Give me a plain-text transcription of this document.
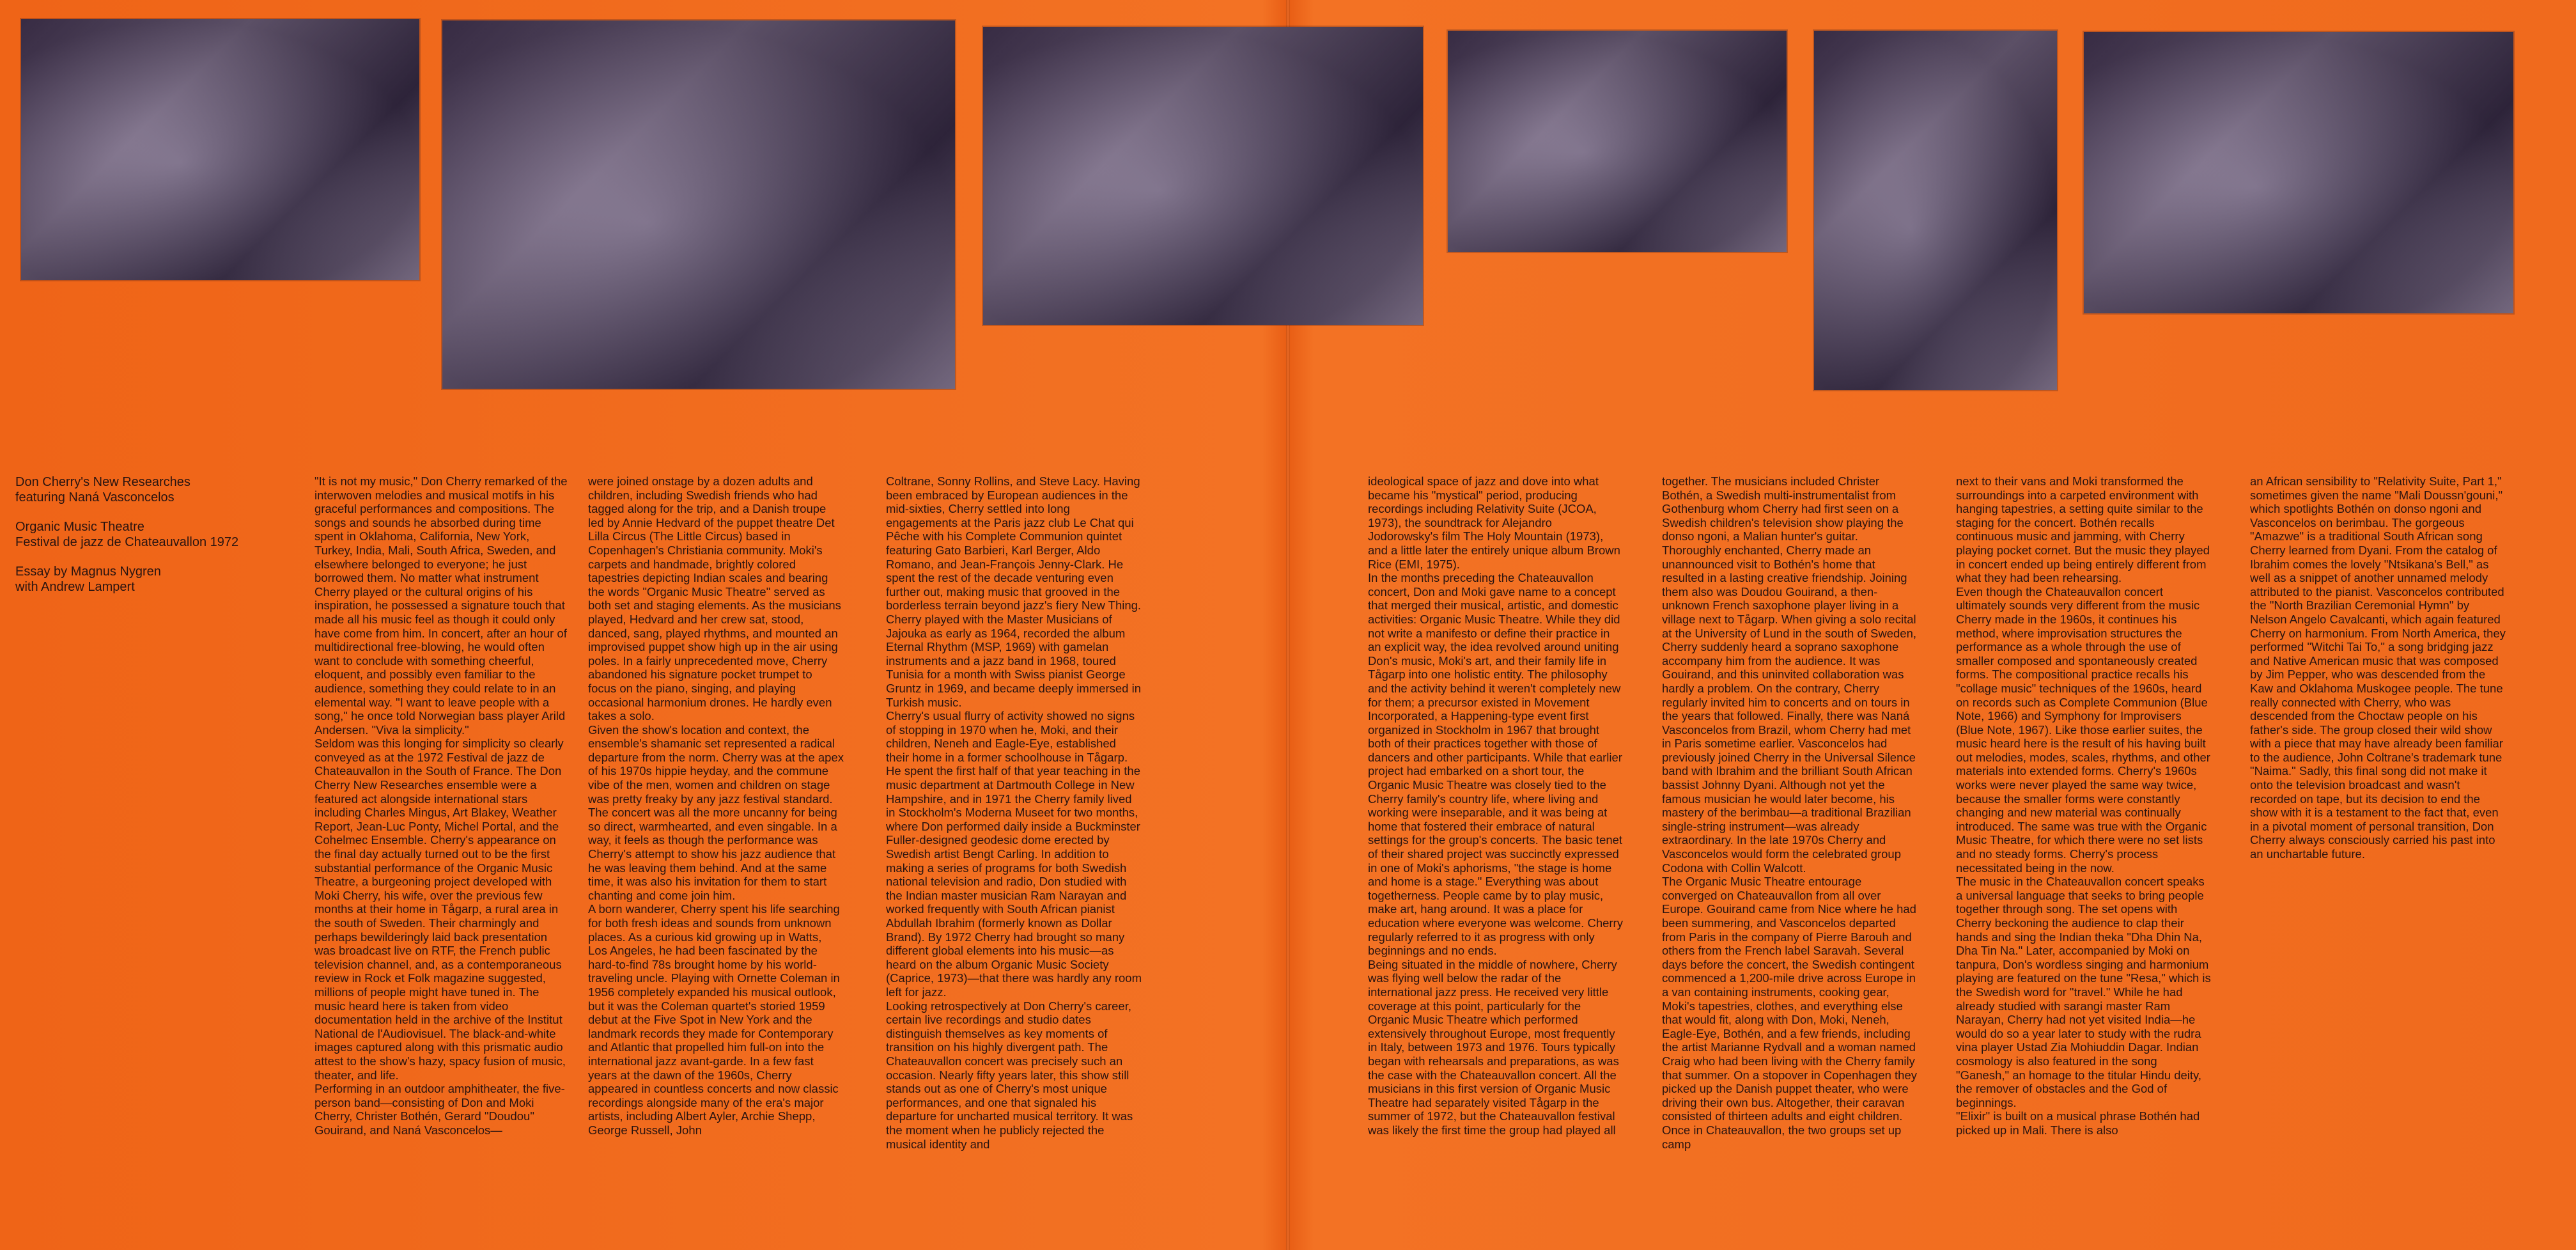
Don Cherry's New Researches
featuring Naná Vasconcelos

Organic Music Theatre
Festival de jazz de Chateauvallon 1972

Essay by Magnus Nygren
with Andrew Lampert

"It is not my music," Don Cherry remarked of the interwoven melodies and musical motifs in his graceful performances and compositions. The songs and sounds he absorbed during time spent in Oklahoma, California, New York, Turkey, India, Mali, South Africa, Sweden, and elsewhere belonged to everyone; he just borrowed them. No matter what instrument Cherry played or the cultural origins of his inspiration, he possessed a signature touch that made all his music feel as though it could only have come from him. In concert, after an hour of multidirectional free-blowing, he would often want to conclude with something cheerful, eloquent, and possibly even familiar to the audience, something they could relate to in an elemental way. "I want to leave people with a song," he once told Norwegian bass player Arild Andersen. "Viva la simplicity."
Seldom was this longing for simplicity so clearly conveyed as at the 1972 Festival de jazz de Chateauvallon in the South of France. The Don Cherry New Researches ensemble were a featured act alongside international stars including Charles Mingus, Art Blakey, Weather Report, Jean-Luc Ponty, Michel Portal, and the Cohelmec Ensemble. Cherry's appearance on the final day actually turned out to be the first substantial performance of the Organic Music Theatre, a burgeoning project developed with Moki Cherry, his wife, over the previous few months at their home in Tågarp, a rural area in the south of Sweden. Their charmingly and perhaps bewilderingly laid back presentation was broadcast live on RTF, the French public television channel, and, as a contemporaneous review in Rock et Folk magazine suggested, millions of people might have tuned in. The music heard here is taken from video documentation held in the archive of the Institut National de l'Audiovisuel. The black-and-white images captured along with this prismatic audio attest to the show's hazy, spacy fusion of music, theater, and life.
Performing in an outdoor amphitheater, the five-person band—consisting of Don and Moki Cherry, Christer Bothén, Gerard "Doudou" Gouirand, and Naná Vasconcelos—

were joined onstage by a dozen adults and children, including Swedish friends who had tagged along for the trip, and a Danish troupe led by Annie Hedvard of the puppet theatre Det Lilla Circus (The Little Circus) based in Copenhagen's Christiania community. Moki's carpets and handmade, brightly colored tapestries depicting Indian scales and bearing the words "Organic Music Theatre" served as both set and staging elements. As the musicians played, Hedvard and her crew sat, stood, danced, sang, played rhythms, and mounted an improvised puppet show high up in the air using poles. In a fairly unprecedented move, Cherry abandoned his signature pocket trumpet to focus on the piano, singing, and playing occasional harmonium drones. He hardly even takes a solo.
Given the show's location and context, the ensemble's shamanic set represented a radical departure from the norm. Cherry was at the apex of his 1970s hippie heyday, and the commune vibe of the men, women and children on stage was pretty freaky by any jazz festival standard. The concert was all the more uncanny for being so direct, warmhearted, and even singable. In a way, it feels as though the performance was Cherry's attempt to show his jazz audience that he was leaving them behind. And at the same time, it was also his invitation for them to start chanting and come join him.
A born wanderer, Cherry spent his life searching for both fresh ideas and sounds from unknown places. As a curious kid growing up in Watts, Los Angeles, he had been fascinated by the hard-to-find 78s brought home by his world-traveling uncle. Playing with Ornette Coleman in 1956 completely expanded his musical outlook, but it was the Coleman quartet's storied 1959 debut at the Five Spot in New York and the landmark records they made for Contemporary and Atlantic that propelled him full-on into the international jazz avant-garde. In a few fast years at the dawn of the 1960s, Cherry appeared in countless concerts and now classic recordings alongside many of the era's major artists, including Albert Ayler, Archie Shepp, George Russell, John

Coltrane, Sonny Rollins, and Steve Lacy. Having been embraced by European audiences in the mid-sixties, Cherry settled into long engagements at the Paris jazz club Le Chat qui Pêche with his Complete Communion quintet featuring Gato Barbieri, Karl Berger, Aldo Romano, and Jean-François Jenny-Clark. He spent the rest of the decade venturing even further out, making music that grooved in the borderless terrain beyond jazz's fiery New Thing. Cherry played with the Master Musicians of Jajouka as early as 1964, recorded the album Eternal Rhythm (MSP, 1969) with gamelan instruments and a jazz band in 1968, toured Tunisia for a month with Swiss pianist George Gruntz in 1969, and became deeply immersed in Turkish music.
Cherry's usual flurry of activity showed no signs of stopping in 1970 when he, Moki, and their children, Neneh and Eagle-Eye, established their home in a former schoolhouse in Tågarp. He spent the first half of that year teaching in the music department at Dartmouth College in New Hampshire, and in 1971 the Cherry family lived in Stockholm's Moderna Museet for two months, where Don performed daily inside a Buckminster Fuller-designed geodesic dome erected by Swedish artist Bengt Carling. In addition to making a series of programs for both Swedish national television and radio, Don studied with the Indian master musician Ram Narayan and worked frequently with South African pianist Abdullah Ibrahim (formerly known as Dollar Brand). By 1972 Cherry had brought so many different global elements into his music—as heard on the album Organic Music Society (Caprice, 1973)—that there was hardly any room left for jazz.
Looking retrospectively at Don Cherry's career, certain live recordings and studio dates distinguish themselves as key moments of transition on his highly divergent path. The Chateauvallon concert was precisely such an occasion. Nearly fifty years later, this show still stands out as one of Cherry's most unique performances, and one that signaled his departure for uncharted musical territory. It was the moment when he publicly rejected the musical identity and

ideological space of jazz and dove into what became his "mystical" period, producing recordings including Relativity Suite (JCOA, 1973), the soundtrack for Alejandro Jodorowsky's film The Holy Mountain (1973), and a little later the entirely unique album Brown Rice (EMI, 1975).
In the months preceding the Chateauvallon concert, Don and Moki gave name to a concept that merged their musical, artistic, and domestic activities: Organic Music Theatre. While they did not write a manifesto or define their practice in an explicit way, the idea revolved around uniting Don's music, Moki's art, and their family life in Tågarp into one holistic entity. The philosophy and the activity behind it weren't completely new for them; a precursor existed in Movement Incorporated, a Happening-type event first organized in Stockholm in 1967 that brought both of their practices together with those of dancers and other participants. While that earlier project had embarked on a short tour, the Organic Music Theatre was closely tied to the Cherry family's country life, where living and working were inseparable, and it was being at home that fostered their embrace of natural settings for the group's concerts. The basic tenet of their shared project was succinctly expressed in one of Moki's aphorisms, "the stage is home and home is a stage." Everything was about togetherness. People came by to play music, make art, hang around. It was a place for education where everyone was welcome. Cherry regularly referred to it as progress with only beginnings and no ends.
Being situated in the middle of nowhere, Cherry was flying well below the radar of the international jazz press. He received very little coverage at this point, particularly for the Organic Music Theatre which performed extensively throughout Europe, most frequently in Italy, between 1973 and 1976. Tours typically began with rehearsals and preparations, as was the case with the Chateauvallon concert. All the musicians in this first version of Organic Music Theatre had separately visited Tågarp in the summer of 1972, but the Chateauvallon festival was likely the first time the group had played all

together. The musicians included Christer Bothén, a Swedish multi-instrumentalist from Gothenburg whom Cherry had first seen on a Swedish children's television show playing the donso ngoni, a Malian hunter's guitar. Thoroughly enchanted, Cherry made an unannounced visit to Bothén's home that resulted in a lasting creative friendship. Joining them also was Doudou Gouirand, a then-unknown French saxophone player living in a village next to Tågarp. When giving a solo recital at the University of Lund in the south of Sweden, Cherry suddenly heard a soprano saxophone accompany him from the audience. It was Gouirand, and this uninvited collaboration was hardly a problem. On the contrary, Cherry regularly invited him to concerts and on tours in the years that followed. Finally, there was Naná Vasconcelos from Brazil, whom Cherry had met in Paris sometime earlier. Vasconcelos had previously joined Cherry in the Universal Silence band with Ibrahim and the brilliant South African bassist Johnny Dyani. Although not yet the famous musician he would later become, his mastery of the berimbau—a traditional Brazilian single-string instrument—was already extraordinary. In the late 1970s Cherry and Vasconcelos would form the celebrated group Codona with Collin Walcott.
The Organic Music Theatre entourage converged on Chateauvallon from all over Europe. Gouirand came from Nice where he had been summering, and Vasconcelos departed from Paris in the company of Pierre Barouh and others from the French label Saravah. Several days before the concert, the Swedish contingent commenced a 1,200-mile drive across Europe in a van containing instruments, cooking gear, Moki's tapestries, clothes, and everything else that would fit, along with Don, Moki, Neneh, Eagle-Eye, Bothén, and a few friends, including the artist Marianne Rydvall and a woman named Craig who had been living with the Cherry family that summer. On a stopover in Copenhagen they picked up the Danish puppet theater, who were driving their own bus. Altogether, their caravan consisted of thirteen adults and eight children. Once in Chateauvallon, the two groups set up camp

next to their vans and Moki transformed the surroundings into a carpeted environment with hanging tapestries, a setting quite similar to the staging for the concert. Bothén recalls continuous music and jamming, with Cherry playing pocket cornet. But the music they played in concert ended up being entirely different from what they had been rehearsing.
Even though the Chateauvallon concert ultimately sounds very different from the music Cherry made in the 1960s, it continues his method, where improvisation structures the performance as a whole through the use of smaller composed and spontaneously created forms. The compositional practice recalls his "collage music" techniques of the 1960s, heard on records such as Complete Communion (Blue Note, 1966) and Symphony for Improvisers (Blue Note, 1967). Like those earlier suites, the music heard here is the result of his having built out melodies, modes, scales, rhythms, and other materials into extended forms. Cherry's 1960s works were never played the same way twice, because the smaller forms were constantly changing and new material was continually introduced. The same was true with the Organic Music Theatre, for which there were no set lists and no steady forms. Cherry's process necessitated being in the now.
The music in the Chateauvallon concert speaks a universal language that seeks to bring people together through song. The set opens with Cherry beckoning the audience to clap their hands and sing the Indian theka "Dha Dhin Na, Dha Tin Na." Later, accompanied by Moki on tanpura, Don's wordless singing and harmonium playing are featured on the tune "Resa," which is the Swedish word for "travel." While he had already studied with sarangi master Ram Narayan, Cherry had not yet visited India—he would do so a year later to study with the rudra vina player Ustad Zia Mohiuddin Dagar. Indian cosmology is also featured in the song "Ganesh," an homage to the titular Hindu deity, the remover of obstacles and the God of beginnings.
"Elixir" is built on a musical phrase Bothén had picked up in Mali. There is also

an African sensibility to "Relativity Suite, Part 1," sometimes given the name "Mali Doussn'gouni," which spotlights Bothén on donso ngoni and Vasconcelos on berimbau. The gorgeous "Amazwe" is a traditional South African song Cherry learned from Dyani. From the catalog of Ibrahim comes the lovely "Ntsikana's Bell," as well as a snippet of another unnamed melody attributed to the pianist. Vasconcelos contributed the "North Brazilian Ceremonial Hymn" by Nelson Angelo Cavalcanti, which again featured Cherry on harmonium. From North America, they performed "Witchi Tai To," a song bridging jazz and Native American music that was composed by Jim Pepper, who was descended from the Kaw and Oklahoma Muskogee people. The tune really connected with Cherry, who was descended from the Choctaw people on his father's side. The group closed their wild show with a piece that may have already been familiar to the audience, John Coltrane's trademark tune "Naima." Sadly, this final song did not make it onto the television broadcast and wasn't recorded on tape, but its decision to end the show with it is a testament to the fact that, even in a pivotal moment of personal transition, Don Cherry always consciously carried his past into an unchartable future.
